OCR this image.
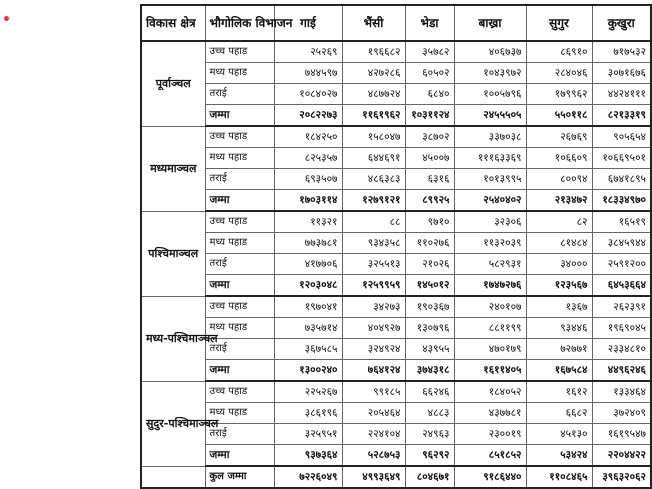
विकास क्षेत्र	भौगोलिक विभाजन	गाई	भैंसी	भेडा	बाख्रा	सुगुर	कुखुरा
पूर्वाञ्चल	उच्च पहाड	२५२६९	१९६६८२	३५७८२	४०६७३७	८६९१०	७१७५३२
	मध्य पहाड	७४४५९७	४२७२८६	६०५०२	१०४३९७२	२८४०४६	३०७१६७६
	तराई	१०८४०२७	४८७७२४	६८४०	१००५७९६	१७९९६२	४४२४१११
	जम्मा	२०८२२७३	११६१९६२	१०३११२४	२४५५५०५	५५०११८	८२१३३१९
मध्यमाञ्चल	उच्च पहाड	१८४२५०	१५८०४७	३८७०२	३३७०३८	२६७६९	९०५६५४
	मध्य पहाड	८२५३५७	६४४६९१	४५००७	१११६३३६९	१०६६०९	१०६६९५०१
	तराई	६९३५०७	४८६३८३	६३१६	१०१३९९५	८००९४	६७४१८९५
	जम्मा	१७०३११४	१२७९१२१	८९९२५	२५४०४०२	२१३४७२	१८३३४९७०
पश्चिमाञ्चल	उच्च पहाड	११३२१	८८	९७१०	३२३०६	८२	१६५१९
	मध्य पहाड	७७३७८१	९३४३५८	११०२७६	११३२०३९	८१४८४	३८४५९४४
	तराई	४१७७०६	३२५५१३	२१०२६	५८२९३१	३४०००	२५९१२००
	जम्मा	१२०३०४८	१२५९९५९	१४५०१२	१७४७२७६	१२३५६७	६४५३६६४
मध्य-पश्चिमाञ्चल	उच्च पहाड	१९७०४१	३४२७३	१९०३६७	२४०१०७	१३६७	२६२३९१
	मध्य पहाड	७३५७१४	४०४९२७	१३०७९६	८८११९९	९३४४६	१९६९०४५
	तराई	३६७५८५	३२४९२४	४३९५५	४७०१७९	७२७७१	२३३४८१०
	जम्मा	१३००२४०	७६४१२४	३७४३१८	१६११४०५	१६७५८४	४४९६२४६
सुदुर-पश्चिमाञ्चल	उच्च पहाड	२२५२६७	९९१८५	६६२४६	१८४०५२	१६१२	१३३४६४
	मध्य पहाड	३८६१९६	२०५४६४	४८८३	४३७७८१	६६८२	३७२४०९
	तराई	३२५९५१	२२४१०४	२४९६३	२३००१९	४५१३०	१६१९५४७
	जम्मा	९३७३६४	५२८७५३	९६२९२	८५१८५२	५३४२४	२२०४४२२
	कुल जम्मा	७२२६०४९	४९९३६४९	८०४६७१	९१८६४४०	११०८४६५	३९६३२०६२
